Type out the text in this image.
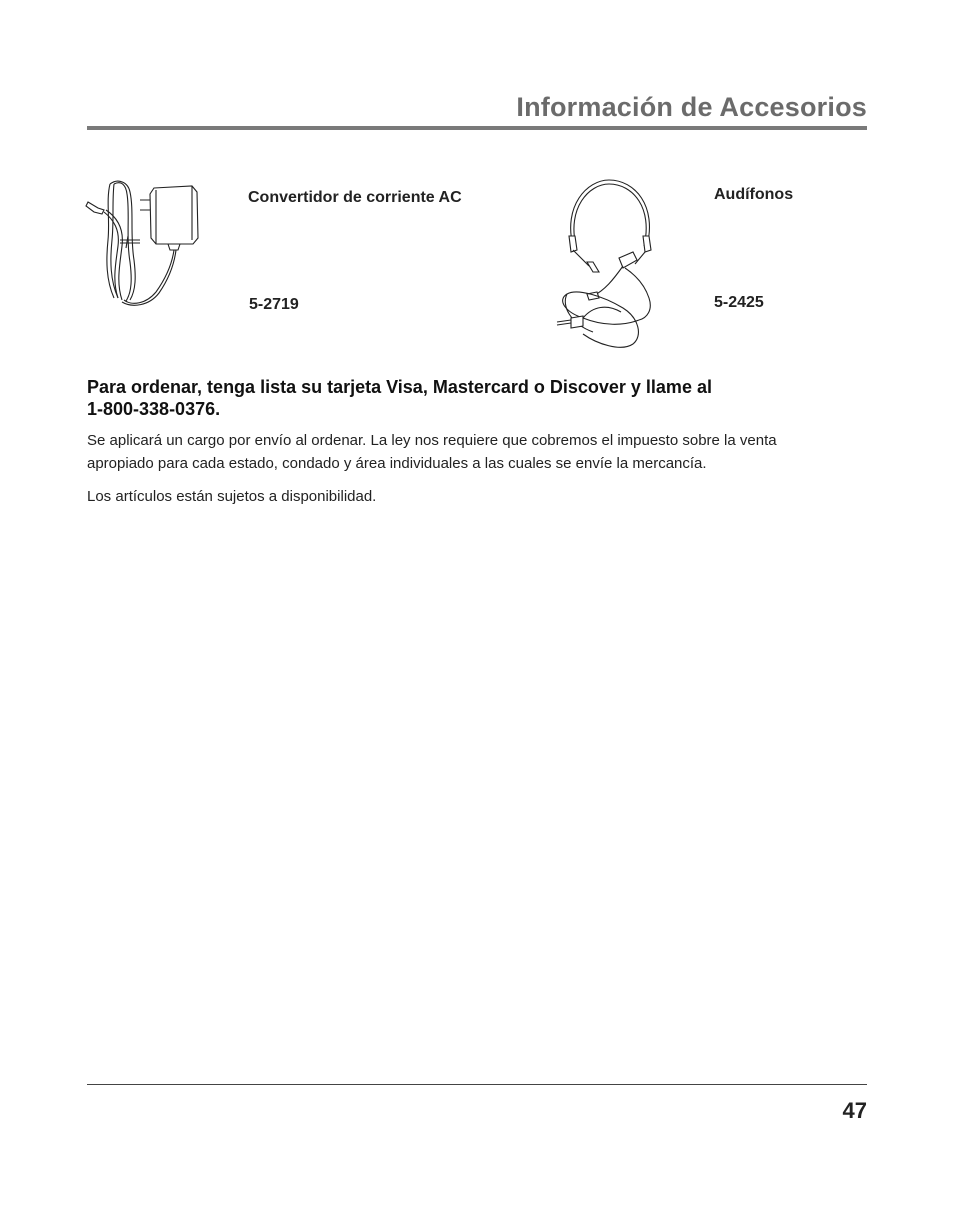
Información de Accesorios
Convertidor de corriente AC
5-2719
Audífonos
5-2425
Para ordenar, tenga lista su tarjeta Visa, Mastercard o Discover y llame al
1-800-338-0376.

Se aplicará un cargo por envío al ordenar. La ley nos requiere que cobremos el impuesto sobre la venta apropiado para cada estado, condado y área individuales a las cuales se envíe la mercancía.

Los artículos están sujetos a disponibilidad.

47
